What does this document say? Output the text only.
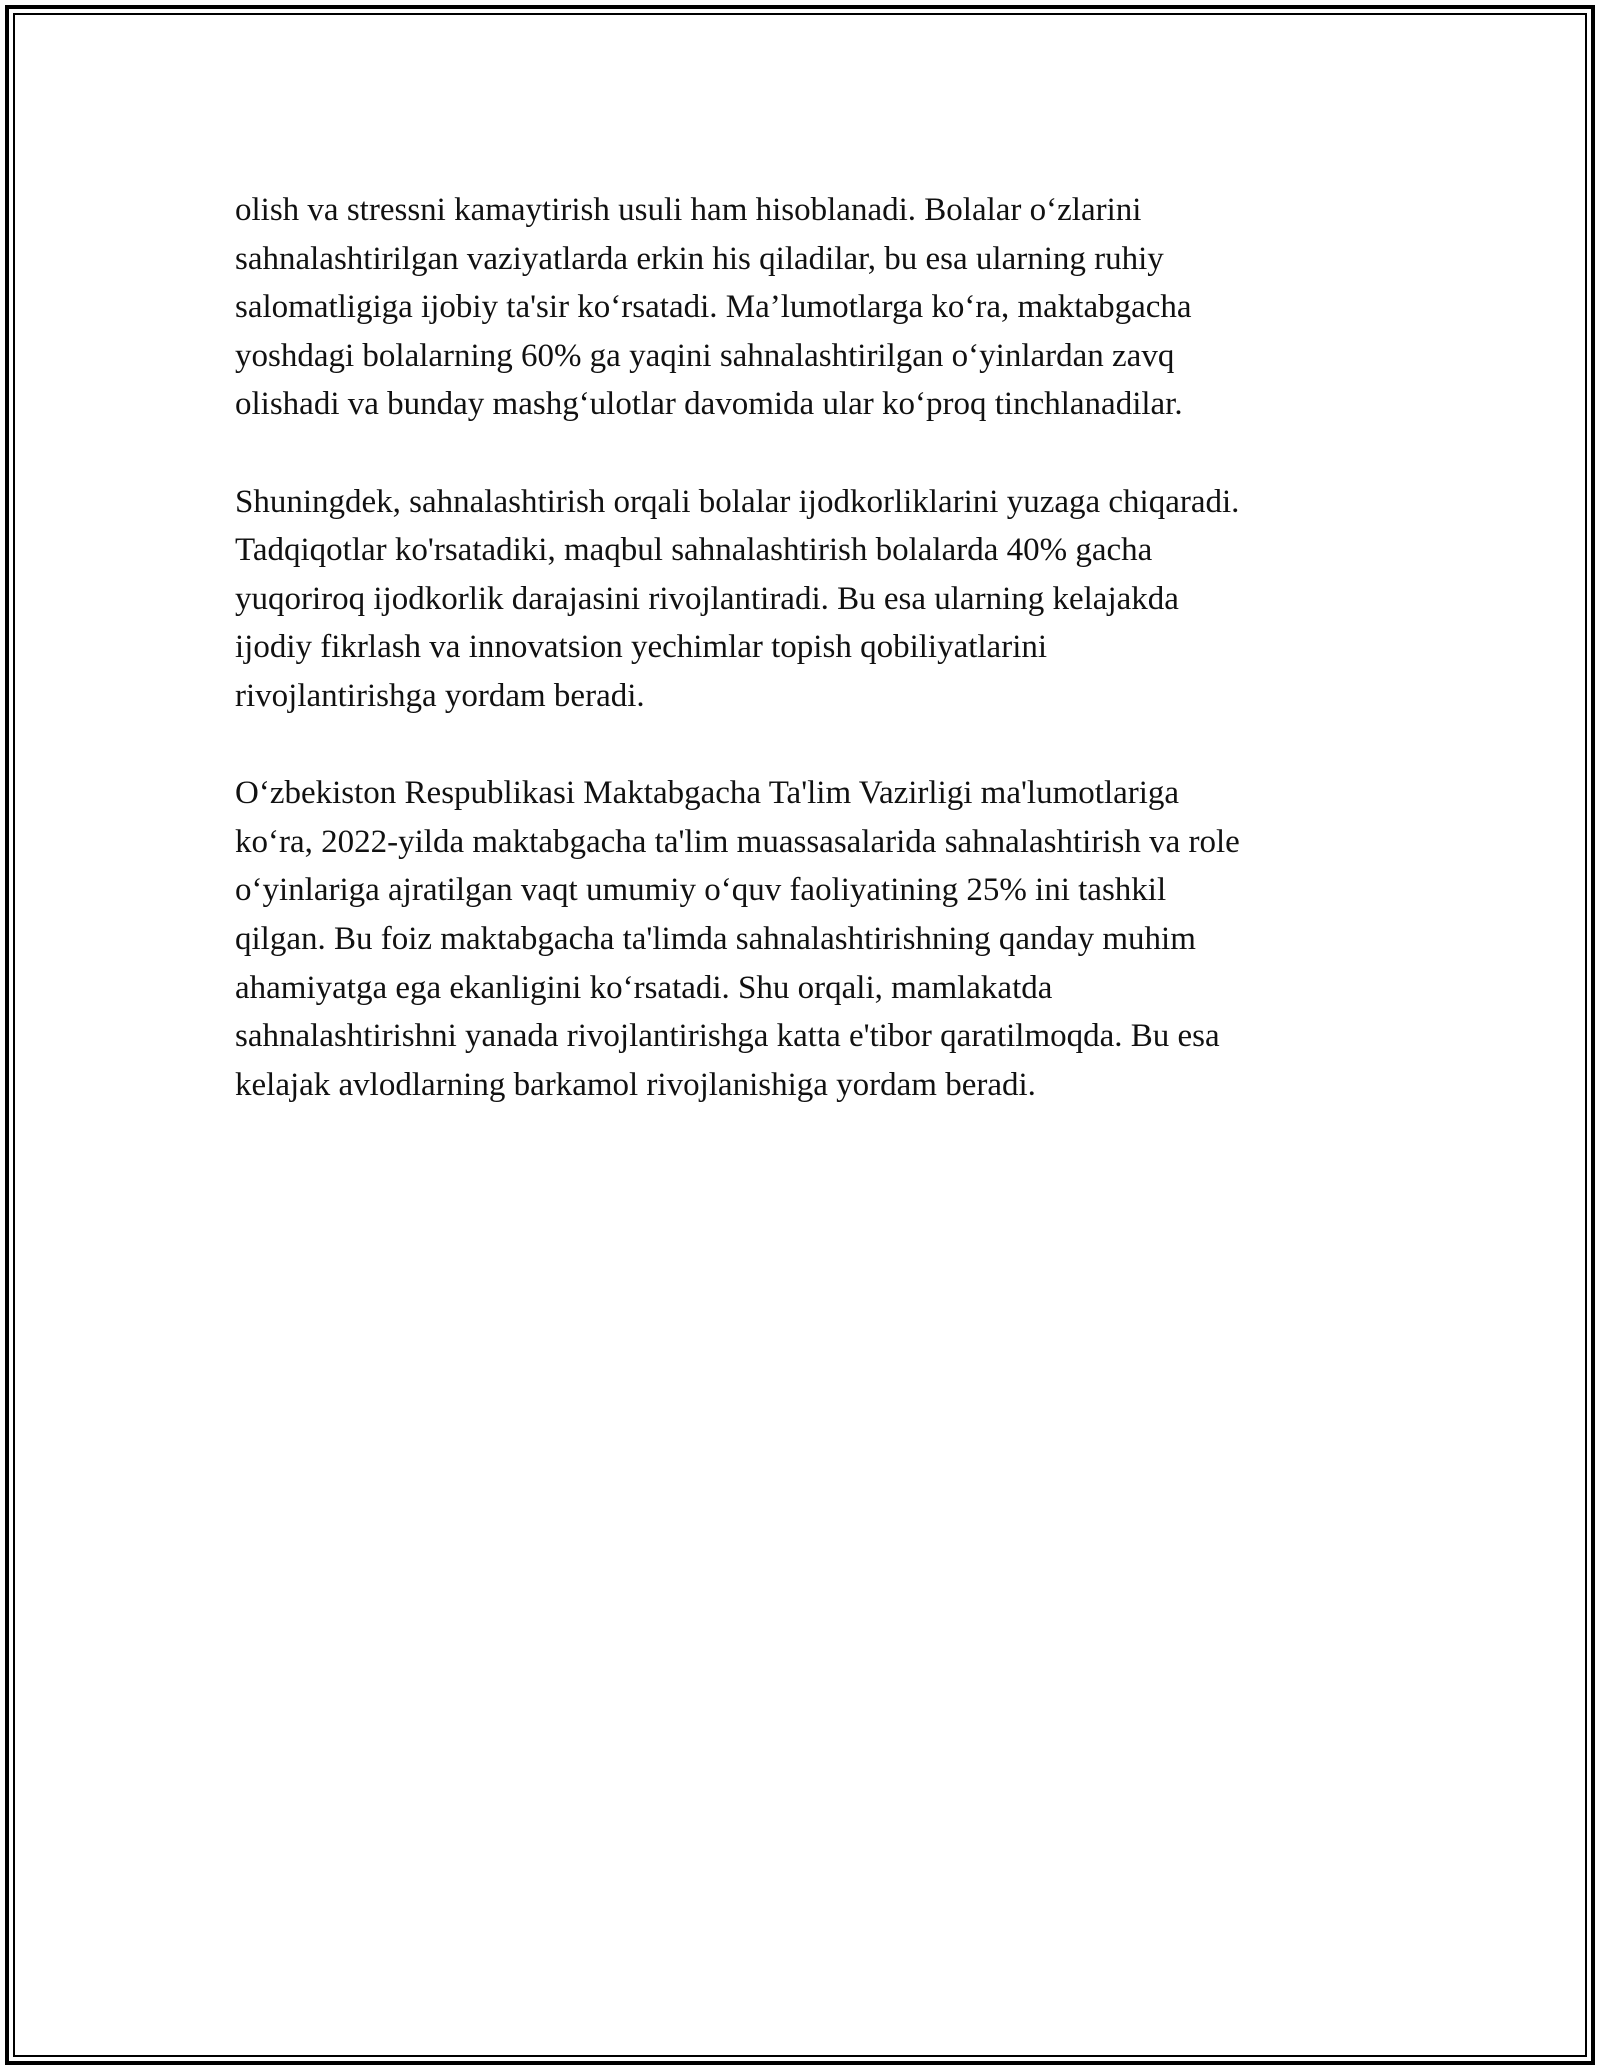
olish va stressni kamaytirish usuli ham hisoblanadi. Bolalar o‘zlarini
sahnalashtirilgan vaziyatlarda erkin his qiladilar, bu esa ularning ruhiy
salomatligiga ijobiy ta'sir ko‘rsatadi. Ma’lumotlarga ko‘ra, maktabgacha
yoshdagi bolalarning 60% ga yaqini sahnalashtirilgan o‘yinlardan zavq
olishadi va bunday mashg‘ulotlar davomida ular ko‘proq tinchlanadilar.

Shuningdek, sahnalashtirish orqali bolalar ijodkorliklarini yuzaga chiqaradi.
Tadqiqotlar ko'rsatadiki, maqbul sahnalashtirish bolalarda 40% gacha
yuqoriroq ijodkorlik darajasini rivojlantiradi. Bu esa ularning kelajakda
ijodiy fikrlash va innovatsion yechimlar topish qobiliyatlarini
rivojlantirishga yordam beradi.

O‘zbekiston Respublikasi Maktabgacha Ta'lim Vazirligi ma'lumotlariga
ko‘ra, 2022-yilda maktabgacha ta'lim muassasalarida sahnalashtirish va role
o‘yinlariga ajratilgan vaqt umumiy o‘quv faoliyatining 25% ini tashkil
qilgan. Bu foiz maktabgacha ta'limda sahnalashtirishning qanday muhim
ahamiyatga ega ekanligini ko‘rsatadi. Shu orqali, mamlakatda
sahnalashtirishni yanada rivojlantirishga katta e'tibor qaratilmoqda. Bu esa
kelajak avlodlarning barkamol rivojlanishiga yordam beradi.
